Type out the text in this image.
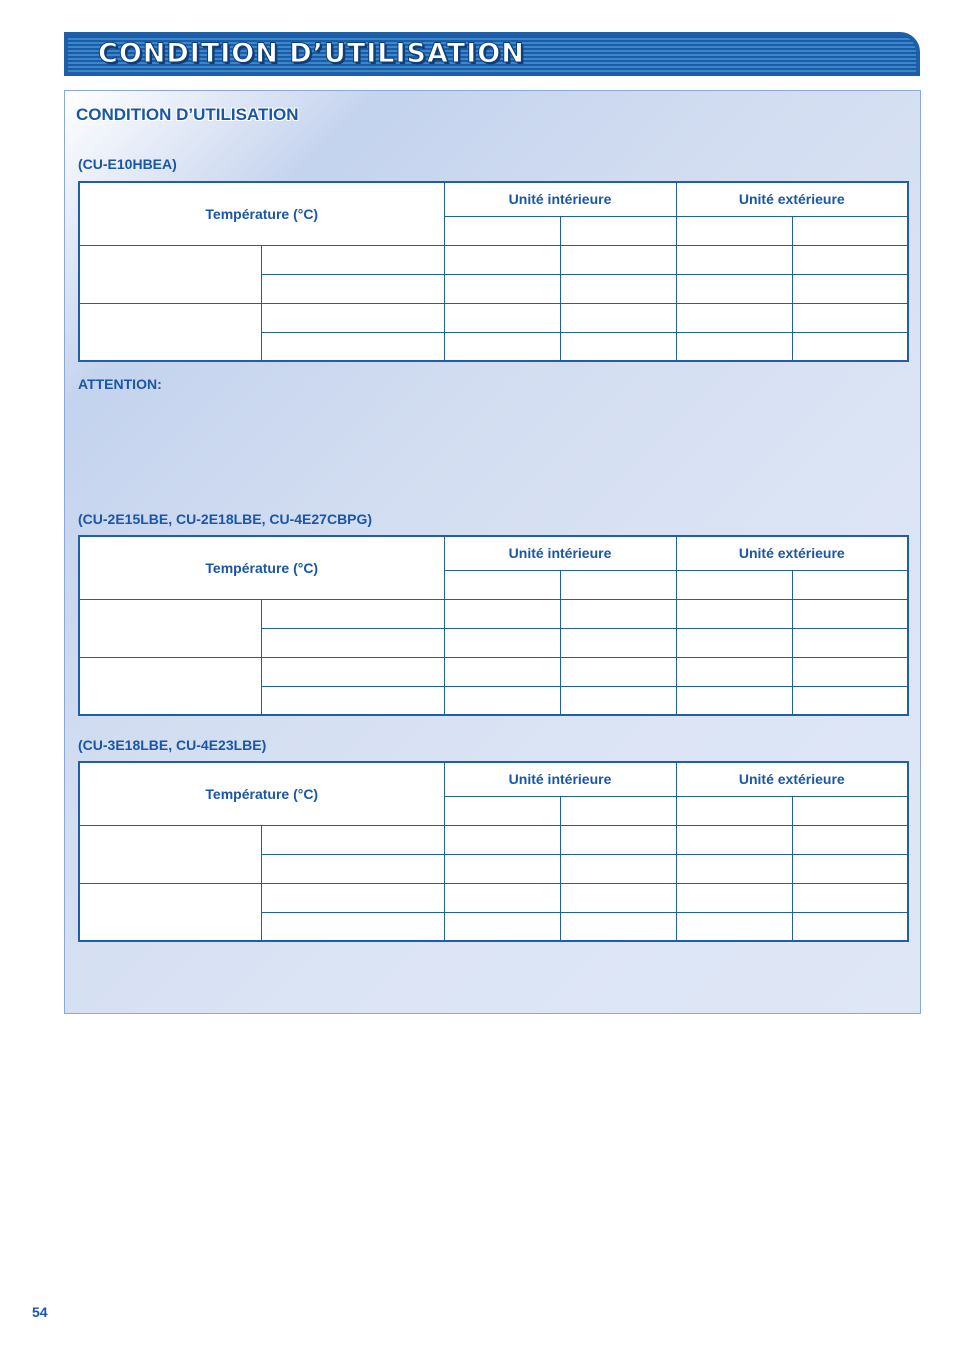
CONDITION D’UTILISATION
CONDITION D’UTILISATION
(CU-E10HBEA)
Température (°C)		Unité intérieure		Unité extérieure	

ATTENTION:
(CU-2E15LBE, CU-2E18LBE, CU-4E27CBPG)
Température (°C)		Unité intérieure		Unité extérieure	

(CU-3E18LBE, CU-4E23LBE)
Température (°C)		Unité intérieure		Unité extérieure	

54
